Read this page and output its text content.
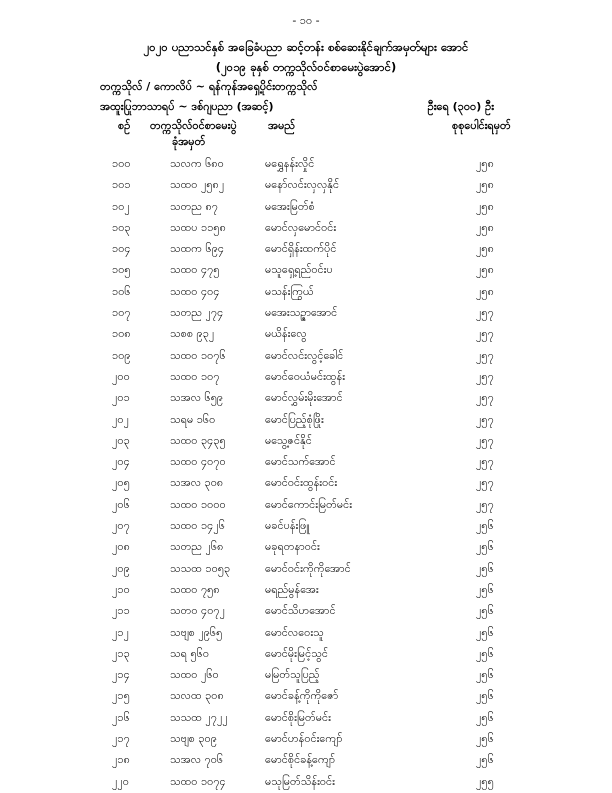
- ၁၀ -
၂၀၂၀ ပညာသင်နှစ် အခြေခံပညာ ဆင့်တန်း စစ်ဆေးနိုင်ချက်အမှတ်များ အောင်
(၂၀၁၉ ခုနှစ် တက္ကသိုလ်ဝင်စာမေးပွဲအောင်)
တက္ကသိုလ် / ကောလိပ် ~ ရန်ကုန်အရှေ့ပိုင်းတက္ကသိုလ်
အထူးပြုဘာသာရပ် ~ ဒစ်ဂျပညာ (အဆင့်)	ဦးရေ (၃၀၀) ဦး
စဉ် တက္ကသိုလ်ဝင်စာမေးပွဲ
ခုံအမှတ်
အမည်	စုစုပေါင်းရမှတ်
၁၀၀	သလက ၆၈၀	မရွှေနန်းလှိုင်	၂၅၈
၁၀၁	သထဝ ၂၅၈၂	မနော်လင်းလှလှနိုင်	၂၅၈
၁၀၂	သတည ၈၇	မအေးမြတ်စံ	၂၅၈
၁၀၃	သထပ ၁၁၅၈	မောင်လှမောင်ဝင်း	၂၅၈
၁၀၄	သထက ၆၉၄	မောင်ရှိန်းထက်ပိုင်	၂၅၈
၁၀၅	သထဝ ၄၇၅	မသူရှေ့ရည်ဝင်းပ	၂၅၈
၁၀၆	သထဝ ၄၀၄	မသန်းကြွယ်	၂၅၈
၁၀၇	သတည ၂၇၄	မအေးသဉ္ဇာအောင်	၂၅၇
၁၀၈	သစစ ၉၃၂	မယိန်းလွေ	၂၅၇
၁၀၉	သထဝ ၁၀၇၆	မောင်လင်းလွင့်ခေါင်	၂၅၇
၂၀၀	သထဝ ၁၀၇	မောင်ဝေယံမင်းထွန်း	၂၅၇
၂၀၁	သအလ ၆၅၉	မောင်လွှမ်းမိုးအောင်	၂၅၇
၂၀၂	သရမ ၁၆၀	မောင်ပြည့်စုံဖြိုး	၂၅၇
၂၀၃	သထဝ ၃၄၃၅	မသွေ့ဇင်နိုင်	၂၅၇
၂၀၄	သထဝ ၄၀၇၀	မောင်သက်အောင်	၂၅၇
၂၀၅	သအလ ၃၀၈	မောင်ဝင်းထွန်းဝင်း	၂၅၇
၂၀၆	သထဝ ၁၀၀၀	မောင်ကောင်းမြတ်မင်း	၂၅၇
၂၀၇	သထဝ ၁၄၂၆	မခင်ပန်းဖြူ	၂၅၆
၂၀၈	သတည ၂၆၈	မခုရတနာဝင်း	၂၅၆
၂၀၉	သသထ ၁၀၅၃	မောင်ဝင်းကိုကိုအောင်	၂၅၆
၂၁၀	သထဝ ၇၅၈	မရည်မွန်အေး	၂၅၆
၂၁၁	သတဝ ၄၀၇၂	မောင်သိဟအောင်	၂၅၆
၂၁၂	သဗျစ ၂၉၆၅	မောင်လဝေးသူ	၂၅၆
၂၁၃	သရ ၅၆၀	မောင်မိုးမြင့်သွင်	၂၅၆
၂၁၄	သထဝ ၂၆၀	မမြတ်သူပြည့်	၂၅၆
၂၁၅	သလထ ၃၀၈	မောင်ခန့်ကိုကိုဇော်	၂၅၆
၂၁၆	သသထ ၂၇၂၂	မောင်စိုးမြတ်မင်း	၂၅၆
၂၁၇	သဗျစ ၃၀၉	မောင်ဟန်ဝင်းကျော်	၂၅၆
၂၁၈	သအလ ၇၀၆	မောင်စိုင်ခန့်ကျော်	၂၅၆
၂၂၀	သထဝ ၁၀၇၄	မသုမြတ်သိန်းဝင်း	၂၅၅
